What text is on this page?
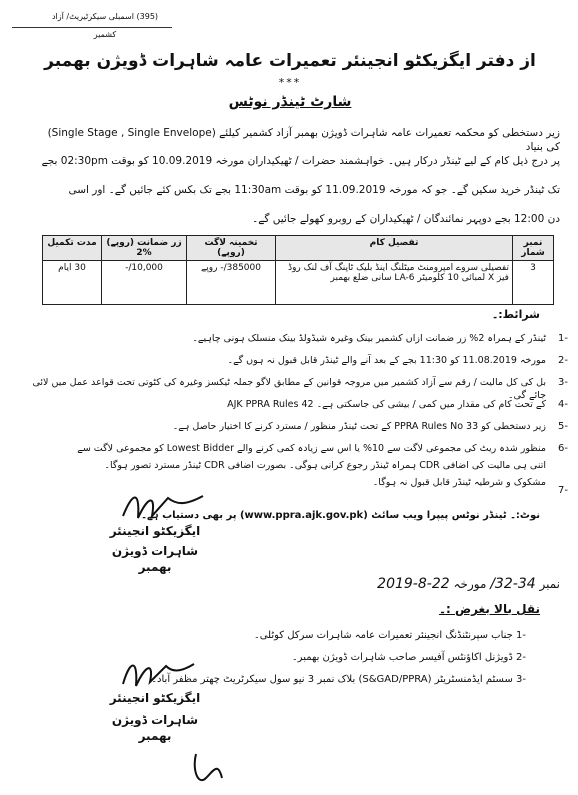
(395) اسمبلی سیکرٹیریٹ/ آزاد کشمیر
از دفتر ایگزیکٹو انجینئر تعمیرات عامہ شاہرات ڈویژن بھمبر
***
شارٹ ٹینڈر نوٹس
زیر دستخطی کو محکمہ تعمیرات عامہ شاہرات ڈویژن بھمبر آزاد کشمیر کیلئے (Single Stage , Single Envelope) کی بنیاد
پر درج ذیل کام کے لیے ٹینڈر درکار ہیں۔ خواہشمند حضرات / ٹھیکیداران مورخہ 10.09.2019 کو بوقت 02:30pm بجے
تک ٹینڈر خرید سکیں گے۔ جو کہ مورخہ 11.09.2019 کو بوقت 11:30am بجے تک بکس کئے جائیں گے۔ اور اسی
دن 12:00 بجے دوپہر نمائندگان / ٹھیکیداران کے روبرو کھولے جائیں گے۔
نمبر شمار	تفصیل کام	تخمینہ لاگت (روپے)	زر ضمانت (روپے) %2	مدت تکمیل
3	تفصیلی سروے امپرومنٹ میٹلنگ اینڈ بلیک ٹاپنگ آف لنک روڈ فیز X لمبائی 10 کلومیٹر LA-6 سانی ضلع بھمبر	385000/- روپے	10,000/-	30 ایام
شرائط:۔
-1
ٹینڈر کے ہمراہ 2% زر ضمانت ازاں کشمیر بینک وغیرہ شیڈولڈ بینک منسلک ہونی چاہیے۔
-2
مورخہ 11.08.2019 کو 11:30 بجے کے بعد آنے والے ٹینڈر قابل قبول نہ ہوں گے۔
-3
بل کی کل مالیت / رقم سے آزاد کشمیر میں مروجہ قوانین کے مطابق لاگو جملہ ٹیکسز وغیرہ کی کٹوتی تحت قواعد عمل میں لائی جائے گی۔
-4
AJK PPRA Rules 42 کے تحت کام کی مقدار میں کمی / بیشی کی جاسکتی ہے۔
-5
زیر دستخطی کو PPRA Rules No 33 کے تحت ٹینڈر منظور / مسترد کرنے کا اختیار حاصل ہے۔
-6
منظور شدہ ریٹ کی مجموعی لاگت سے 10% یا اس سے زیادہ کمی کرنے والے Lowest Bidder کو مجموعی لاگت سے
اتنی ہی مالیت کی اضافی CDR ہمراہ ٹینڈر رجوع کرانی ہوگی۔ بصورت اضافی CDR ٹینڈر مسترد تصور ہوگا۔
مشکوک و شرطیہ ٹینڈر قابل قبول نہ ہوگا۔
-7
نوٹ:۔ ٹینڈر نوٹس پیپرا ویب سائٹ (www.ppra.ajk.gov.pk) پر بھی دستیاب ہے۔
ایگزیکٹو انجینئر
شاہرات ڈویژن بھمبر
نمبر 34-32/ مورخہ 22-8-2019
نقل بالا بغرض :۔
-1 جناب سپرنٹنڈنگ انجینئر تعمیرات عامہ شاہرات سرکل کوٹلی۔
-2 ڈویژنل اکاؤنٹس آفیسر صاحب شاہرات ڈویژن بھمبر۔
-3 سسٹم ایڈمنسٹریٹر (S&GAD/PPRA) بلاک نمبر 3 نیو سول سیکرٹریٹ چھتر مظفر آباد۔
ایگزیکٹو انجینئر
شاہرات ڈویژن بھمبر
